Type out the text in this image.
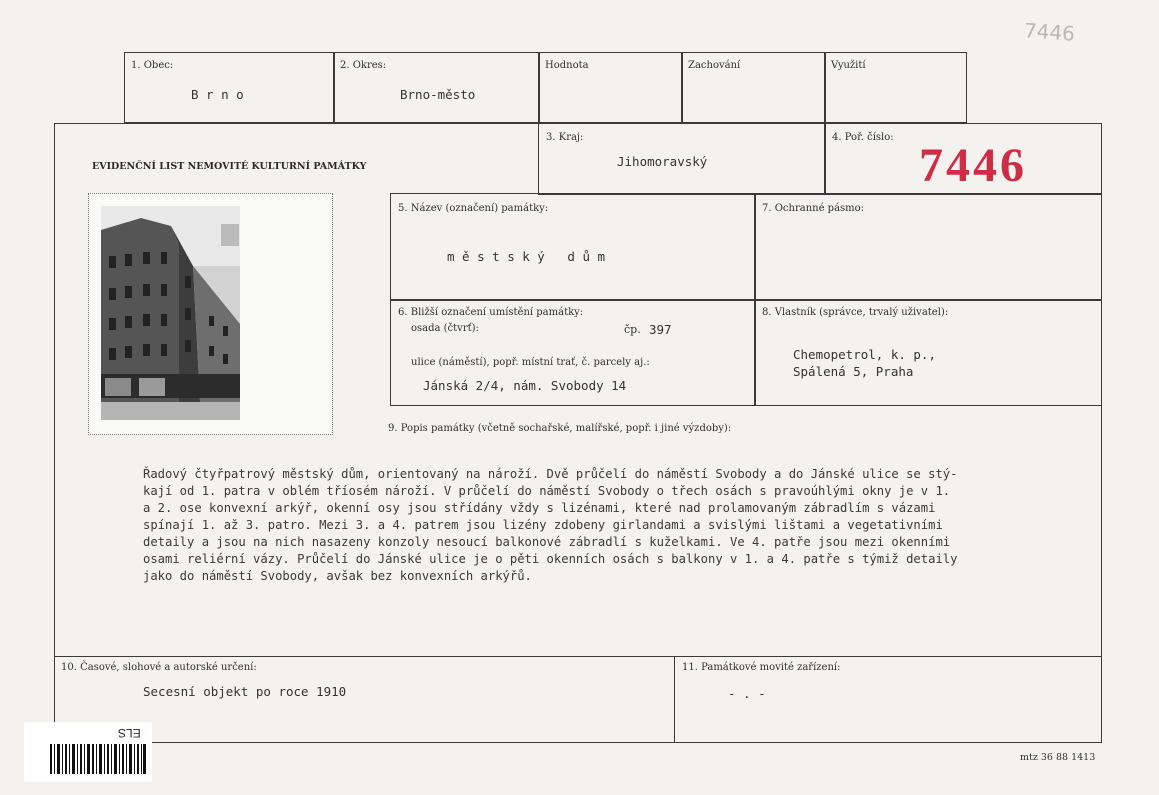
7446
1. Obec:
B r n o
2. Okres:
Brno-město
Hodnota	Zachování	Využití
EVIDENČNÍ LIST NEMOVITÉ KULTURNÍ PAMÁTKY
3. Kraj:
Jihomoravský
4. Poř. číslo:
7446
5. Název (označení) památky:
m ě s t s k ý   d ů m
7. Ochranné pásmo:
6. Bližší označení umístění památky:
osada (čtvrť):	čp. 397
ulice (náměstí), popř. místní trať, č. parcely aj.:
Jánská 2/4, nám. Svobody 14
8. Vlastník (správce, trvalý uživatel):
Chemopetrol, k. p.,
Spálená 5, Praha
9. Popis památky (včetně sochařské, malířské, popř. i jiné výzdoby):
Řadový čtyřpatrový městský dům, orientovaný na nároží. Dvě průčelí do náměstí Svobody a do Jánské ulice se stý-
kají od 1. patra v oblém tříosém nároží. V průčelí do náměstí Svobody o třech osách s pravoúhlými okny je v 1.
a 2. ose konvexní arkýř, okenní osy jsou střídány vždy s lizénami, které nad prolamovaným zábradlím s vázami
spínají 1. až 3. patro. Mezi 3. a 4. patrem jsou lizény zdobeny girlandami a svislými lištami a vegetativními
detaily a jsou na nich nasazeny konzoly nesoucí balkonové zábradlí s kuželkami. Ve 4. patře jsou mezi okenními
osami reliérní vázy. Průčelí do Jánské ulice je o pěti okenních osách s balkony v 1. a 4. patře s týmiž detaily
jako do náměstí Svobody, avšak bez konvexních arkýřů.
10. Časové, slohové a autorské určení:
Secesní objekt po roce 1910
11. Památkové movité zařízení:
- . -
mtz 36 88 1413
ELS
